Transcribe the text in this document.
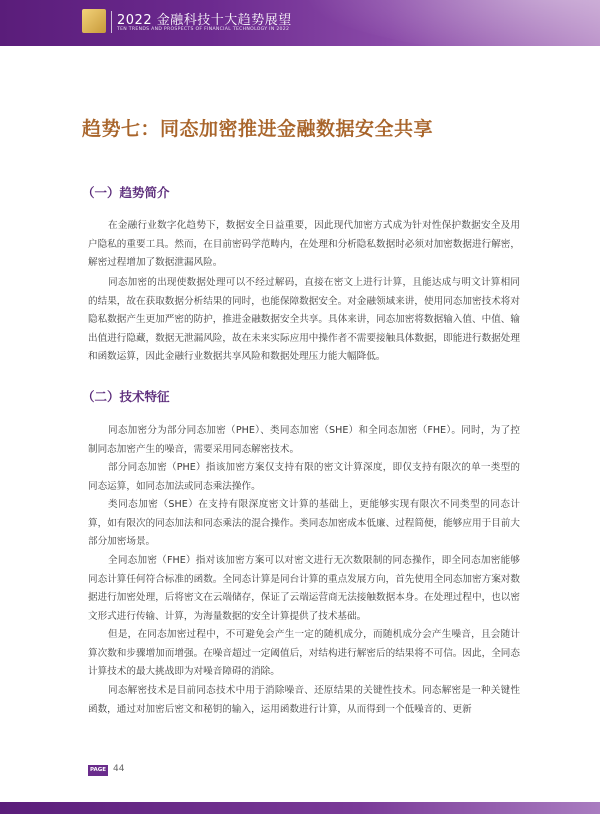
2022 金融科技十大趋势展望
TEN TRENDS AND PROSPECTS OF FINANCIAL TECHNOLOGY IN 2022
趋势七：同态加密推进金融数据安全共享
（一）趋势简介

在金融行业数字化趋势下，数据安全日益重要，因此现代加密方式成为针对性保护数据安全及用户隐私的重要工具。然而，在目前密码学范畴内，在处理和分析隐私数据时必须对加密数据进行解密，解密过程增加了数据泄漏风险。

同态加密的出现使数据处理可以不经过解码，直接在密文上进行计算，且能达成与明文计算相同的结果，故在获取数据分析结果的同时，也能保障数据安全。对金融领域来讲，使用同态加密技术将对隐私数据产生更加严密的防护，推进金融数据安全共享。具体来讲，同态加密将数据输入值、中值、输出值进行隐藏，数据无泄漏风险，故在未来实际应用中操作者不需要接触具体数据，即能进行数据处理和函数运算，因此金融行业数据共享风险和数据处理压力能大幅降低。

（二）技术特征

同态加密分为部分同态加密（PHE）、类同态加密（SHE）和全同态加密（FHE）。同时，为了控制同态加密产生的噪音，需要采用同态解密技术。

部分同态加密（PHE）指该加密方案仅支持有限的密文计算深度，即仅支持有限次的单一类型的同态运算，如同态加法或同态乘法操作。

类同态加密（SHE）在支持有限深度密文计算的基础上，更能够实现有限次不同类型的同态计算，如有限次的同态加法和同态乘法的混合操作。类同态加密成本低廉、过程简便，能够应用于目前大部分加密场景。

全同态加密（FHE）指对该加密方案可以对密文进行无次数限制的同态操作，即全同态加密能够同态计算任何符合标准的函数。全同态计算是同台计算的重点发展方向，首先使用全同态加密方案对数据进行加密处理，后将密文在云端储存，保证了云端运营商无法接触数据本身。在处理过程中，也以密文形式进行传输、计算，为海量数据的安全计算提供了技术基础。

但是，在同态加密过程中，不可避免会产生一定的随机成分，而随机成分会产生噪音，且会随计算次数和步骤增加而增强。在噪音超过一定阈值后，对结构进行解密后的结果将不可信。因此，全同态计算技术的最大挑战即为对噪音障碍的消除。

同态解密技术是目前同态技术中用于消除噪音、还原结果的关键性技术。同态解密是一种关键性函数，通过对加密后密文和秘钥的输入，运用函数进行计算，从而得到一个低噪音的、更新

PAGE 44
